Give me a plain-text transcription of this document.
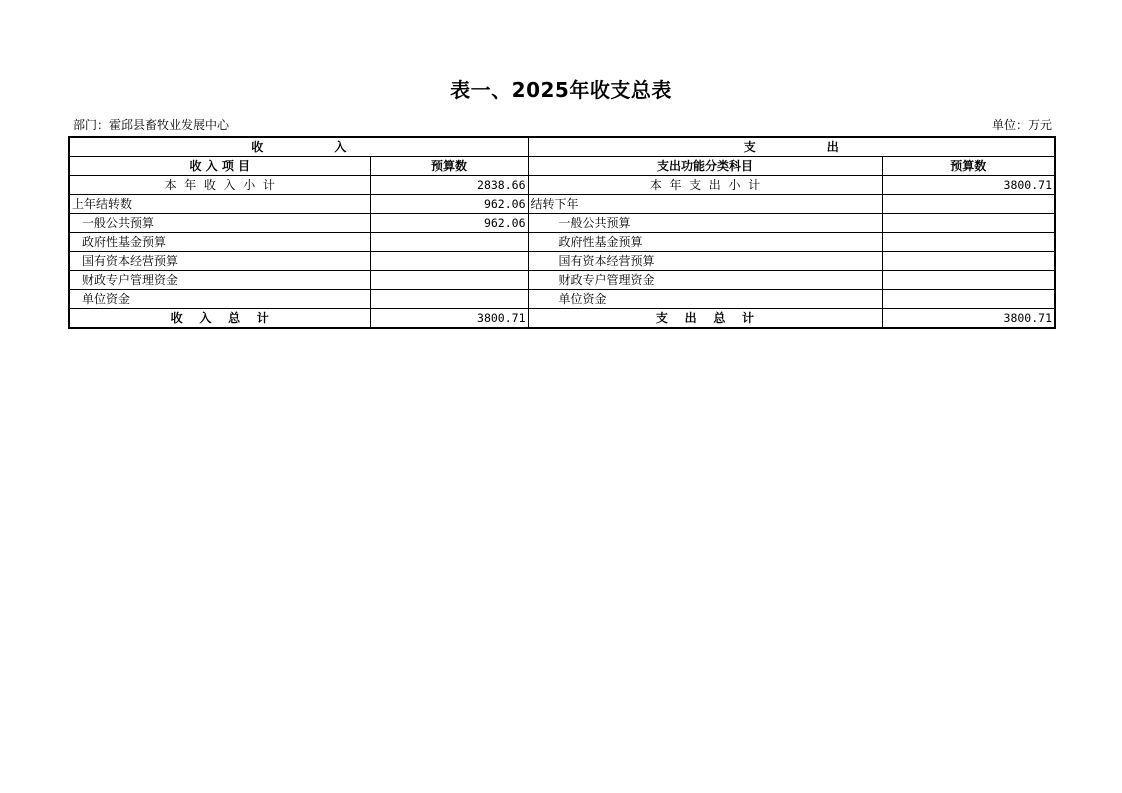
表一、2025年收支总表
部门：霍邱县畜牧业发展中心	单位：万元
收                 入		支                 出	
收 入 项 目	预算数	支出功能分类科目	预算数
本  年  收  入  小  计	2838.66	本  年  支  出  小  计	3800.71
上年结转数	962.06	结转下年	
一般公共预算	962.06	一般公共预算	
政府性基金预算		政府性基金预算	
国有资本经营预算		国有资本经营预算	
财政专户管理资金		财政专户管理资金	
单位资金		单位资金	
收    入    总    计	3800.71	支    出    总    计	3800.71
